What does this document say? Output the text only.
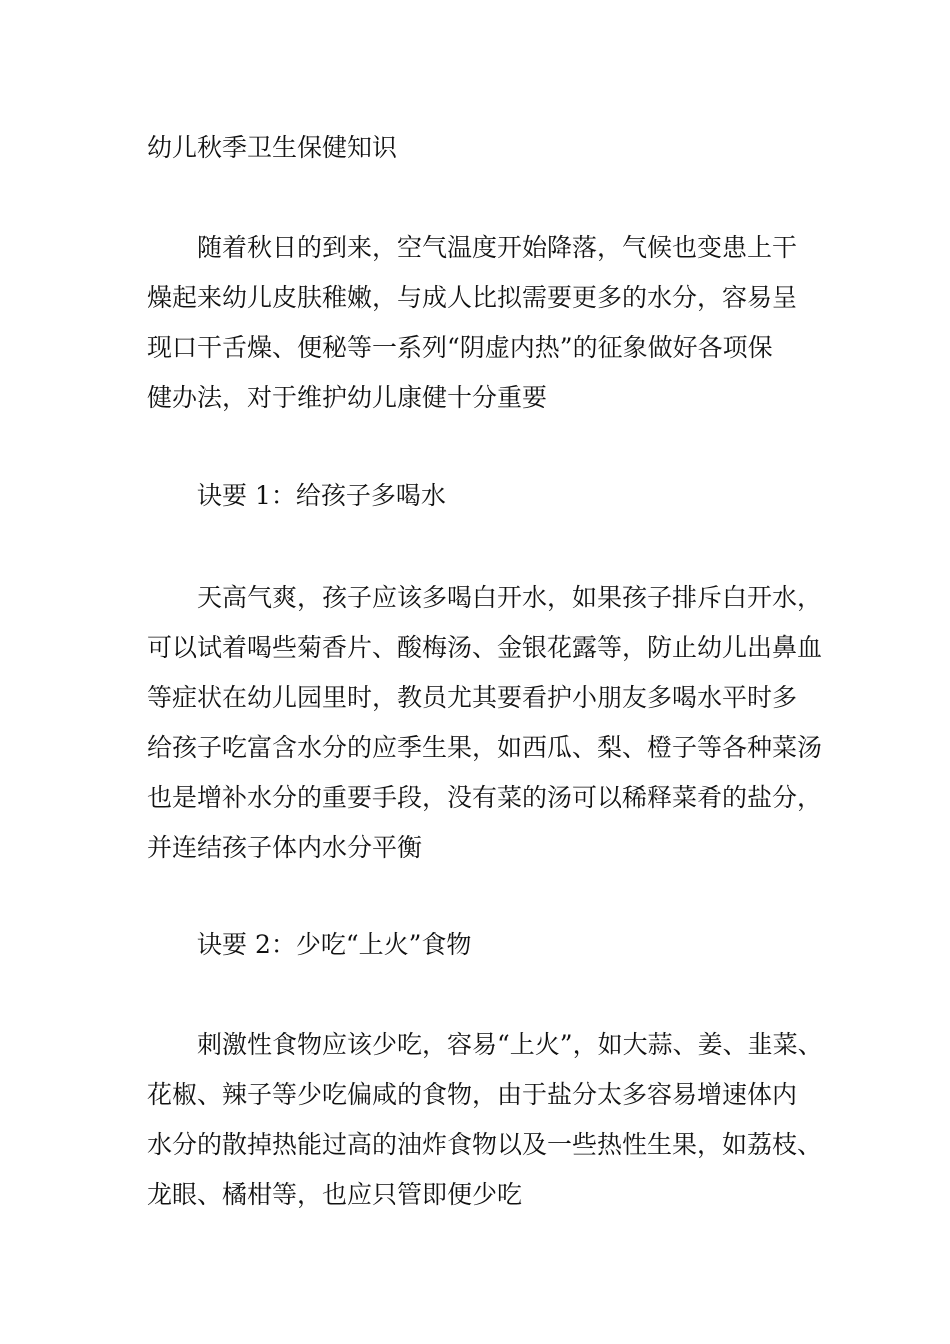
幼儿秋季卫生保健知识
随着秋日的到来，空气温度开始降落，气候也变患上干
燥起来幼儿皮肤稚嫩，与成人比拟需要更多的水分，容易呈
现口干舌燥、便秘等一系列“阴虚内热”的征象做好各项保
健办法，对于维护幼儿康健十分重要
诀要 1：给孩子多喝水
天高气爽，孩子应该多喝白开水，如果孩子排斥白开水，
可以试着喝些菊香片、酸梅汤、金银花露等，防止幼儿出鼻血
等症状在幼儿园里时，教员尤其要看护小朋友多喝水平时多
给孩子吃富含水分的应季生果，如西瓜、梨、橙子等各种菜汤
也是增补水分的重要手段，没有菜的汤可以稀释菜肴的盐分，
并连结孩子体内水分平衡
诀要 2：少吃“上火”食物
刺激性食物应该少吃，容易“上火”，如大蒜、姜、韭菜、
花椒、辣子等少吃偏咸的食物，由于盐分太多容易增速体内
水分的散掉热能过高的油炸食物以及一些热性生果，如荔枝、
龙眼、橘柑等，也应只管即便少吃
